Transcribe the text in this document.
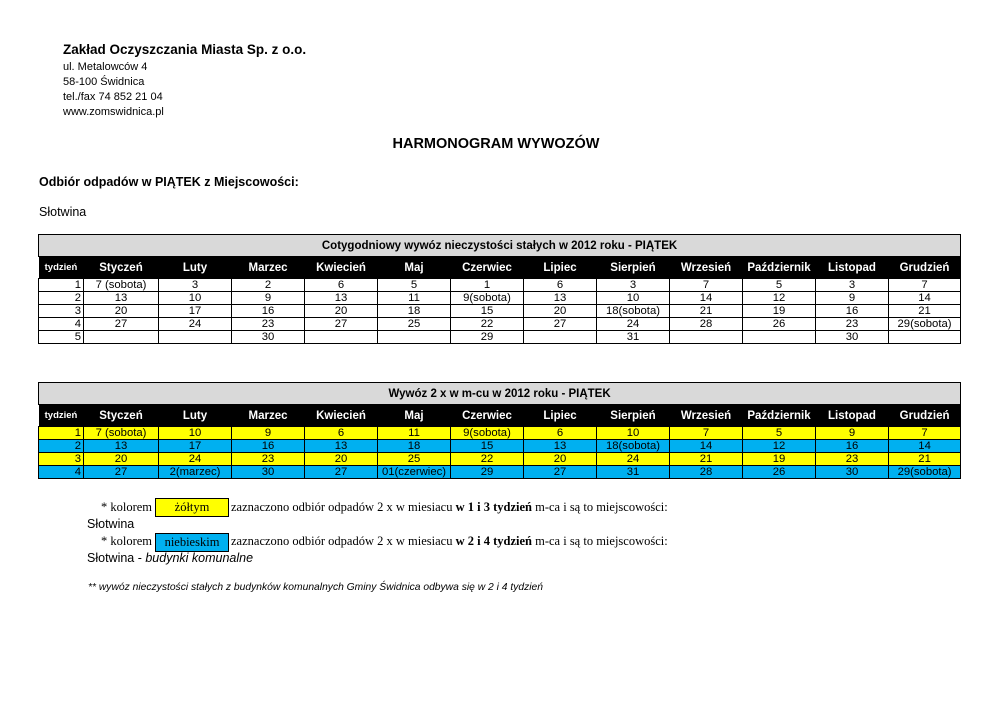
Zakład Oczyszczania Miasta Sp. z o.o.
ul. Metalowców 4
58-100 Świdnica
tel./fax 74 852 21 04
www.zomswidnica.pl
HARMONOGRAM WYWOZÓW
Odbiór odpadów w PIĄTEK z Miejscowości:
Słotwina
Cotygodniowy wywóz nieczystości stałych w 2012 roku - PIĄTEK												
tydzień	Styczeń	Luty	Marzec	Kwiecień	Maj	Czerwiec	Lipiec	Sierpień	Wrzesień	Październik	Listopad	Grudzień
1	7 (sobota)	3	2	6	5	1	6	3	7	5	3	7
2	13	10	9	13	11	9(sobota)	13	10	14	12	9	14
3	20	17	16	20	18	15	20	18(sobota)	21	19	16	21
4	27	24	23	27	25	22	27	24	28	26	23	29(sobota)
5			30			29		31			30	
Wywóz 2 x w m-cu w 2012 roku - PIĄTEK												
tydzień	Styczeń	Luty	Marzec	Kwiecień	Maj	Czerwiec	Lipiec	Sierpień	Wrzesień	Październik	Listopad	Grudzień
1	7 (sobota)	10	9	6	11	9(sobota)	6	10	7	5	9	7
2	13	17	16	13	18	15	13	18(sobota)	14	12	16	14
3	20	24	23	20	25	22	20	24	21	19	23	21
4	27	2(marzec)	30	27	01(czerwiec)	29	27	31	28	26	30	29(sobota)
* kolorem	żółtym	zaznaczono odbiór odpadów 2 x w miesiacu w 1 i 3 tydzień m-ca i są to miejscowości:
Słotwina
* kolorem	niebieskim zaznaczono odbiór odpadów 2 x w miesiacu w 2 i 4 tydzień m-ca i są to miejscowości:
Słotwina - budynki komunalne
** wywóz nieczystości stałych z budynków komunalnych Gminy Świdnica odbywa się w 2 i 4 tydzień
